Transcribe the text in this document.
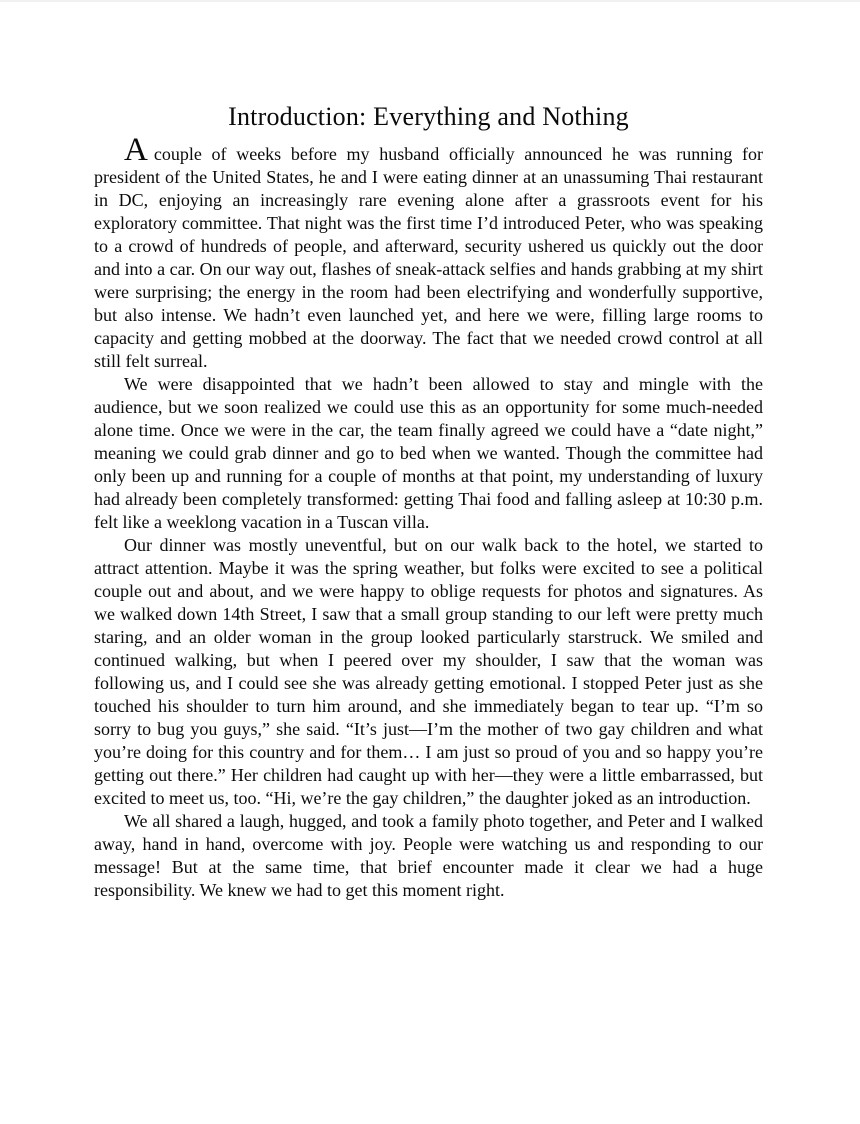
Introduction: Everything and Nothing

Acouple of weeks before my husband officially announced he was running for president of the United States, he and I were eating dinner at an unassuming Thai restaurant in DC, enjoying an increasingly rare evening alone after a grassroots event for his exploratory committee. That night was the first time I’d introduced Peter, who was speaking to a crowd of hundreds of people, and afterward, security ushered us quickly out the door and into a car. On our way out, flashes of sneak-attack selfies and hands grabbing at my shirt were surprising; the energy in the room had been electrifying and wonderfully supportive, but also intense. We hadn’t even launched yet, and here we were, filling large rooms to capacity and getting mobbed at the doorway. The fact that we needed crowd control at all still felt surreal.

We were disappointed that we hadn’t been allowed to stay and mingle with the audience, but we soon realized we could use this as an opportunity for some much-needed alone time. Once we were in the car, the team finally agreed we could have a “date night,” meaning we could grab dinner and go to bed when we wanted. Though the committee had only been up and running for a couple of months at that point, my understanding of luxury had already been completely transformed: getting Thai food and falling asleep at 10:30 p.m. felt like a weeklong vacation in a Tuscan villa.

Our dinner was mostly uneventful, but on our walk back to the hotel, we started to attract attention. Maybe it was the spring weather, but folks were excited to see a political couple out and about, and we were happy to oblige requests for photos and signatures. As we walked down 14th Street, I saw that a small group standing to our left were pretty much staring, and an older woman in the group looked particularly starstruck. We smiled and continued walking, but when I peered over my shoulder, I saw that the woman was following us, and I could see she was already getting emotional. I stopped Peter just as she touched his shoulder to turn him around, and she immediately began to tear up. “I’m so sorry to bug you guys,” she said. “It’s just—I’m the mother of two gay children and what you’re doing for this country and for them… I am just so proud of you and so happy you’re getting out there.” Her children had caught up with her—they were a little embarrassed, but excited to meet us, too. “Hi, we’re the gay children,” the daughter joked as an introduction.

We all shared a laugh, hugged, and took a family photo together, and Peter and I walked away, hand in hand, overcome with joy. People were watching us and responding to our message! But at the same time, that brief encounter made it clear we had a huge responsibility. We knew we had to get this moment right.
